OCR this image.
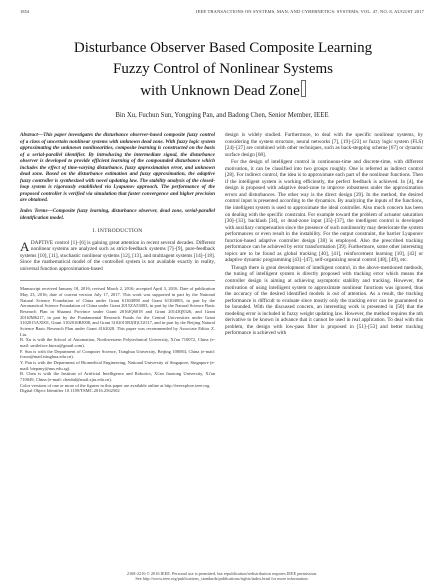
1854	IEEE TRANSACTIONS ON SYSTEMS, MAN, AND CYBERNETICS: SYSTEMS, VOL. 47, NO. 8, AUGUST 2017
Disturbance Observer Based Composite Learning
Fuzzy Control of Nonlinear Systems
with Unknown Dead Zone
Bin Xu, Fuchun Sun, Yongping Pan, and Badong Chen, Senior Member, IEEE

Abstract—This paper investigates the disturbance observer-based composite fuzzy control of a class of uncertain nonlinear systems with unknown dead zone. With fuzzy logic system approximating the unknown nonlinearities, composite learning is constructed on the basis of a serial-parallel identifier. By introducing the intermediate signal, the disturbance observer is developed to provide efficient learning of the compounded disturbance which includes the effect of time-varying disturbance, fuzzy approximation error, and unknown dead zone. Based on the disturbance estimation and fuzzy approximation, the adaptive fuzzy controller is synthesized with novel updating law. The stability analysis of the closed-loop system is rigorously established via Lyapunov approach. The performance of the proposed controller is verified via simulation that faster convergence and higher precision are obtained.

Index Terms—Composite fuzzy learning, disturbance observer, dead zone, serial-parallel identification model.

I. INTRODUCTION

ADAPTIVE control [1]–[6] is gaining great attention in recent several decades. Different nonlinear systems are analyzed such as strict-feedback systems [7]–[9], pure-feedback systems [10], [11], stochastic nonlinear systems [12], [13], and multiagent systems [14]–[18]. Since the mathematical model of the controlled system is not available exactly in reality, universal function approximation-based

Manuscript received January 18, 2016; revised March 2, 2016; accepted April 3, 2016. Date of publication May 23, 2016; date of current version July 17, 2017. This work was supported in part by the National Natural Science Foundation of China under Grant 61304098 and Grant 61304003, in part by the Aeronautical Science Foundation of China under Grant 2015ZA53003, in part by the Natural Science Basic Research Plan in Shaanxi Province under Grant 2016JQ6018 and Grant 2014JQ8326, and Grant 2016JM6217, in part by the Fundamental Research Funds for the Central Universities under Grant 3102015AX001, Grant 3102016BJ008, and Grant 3102015BJ(II)CGO17, and in part by the Beijing Natural Science Basic Research Plan under Grant 4162028. This paper was recommended by Associate Editor Z. Liu.
B. Xu is with the School of Automation, Northwestern Polytechnical University, Xi'an 710072, China (e-mail: smileface.binxu@gmail.com).
F. Sun is with the Department of Computer Science, Tsinghua University, Beijing 100084, China (e-mail: fcsun@mail.tsinghua.edu.cn).
Y. Pan is with the Department of Biomedical Engineering, National University of Singapore, Singapore (e-mail: biepany@nus.edu.sg).
B. Chen is with the Institute of Artificial Intelligence and Robotics, Xi'an Jiaotong University, Xi'an 710049, China (e-mail: chenbd@mail.xjtu.edu.cn).
Color versions of one or more of the figures in this paper are available online at http://ieeexplore.ieee.org.
Digital Object Identifier 10.1109/TSMC.2016.2562502

design is widely studied. Furthermore, to deal with the specific nonlinear systems, by considering the system structure, neural networks [7], [19]–[23] or fuzzy logic system (FLS) [24]–[27] are combined with other techniques, such as back-stepping scheme [67] or dynamic surface design [68].

For the design of intelligent control in continuous-time and discrete-time, with different motivation, it can be classified into two groups roughly. One is referred as indirect control [28]. For indirect control, the idea is to approximate each part of the nonlinear functions. Then if the intelligent system is working efficiently, the perfect feedback is achieved. In [4], the design is proposed with adaptive dead-zone to improve robustness under the approximation errors and disturbances. The other way is the direct design [29]. In the method, the desired control input is presented according to the dynamics. By analyzing the inputs of the functions, the intelligent system is used to approximate the ideal controller. Also much concern has been on dealing with the specific constraint. For example toward the problem of actuator saturation [30]–[33], backlash [34], or dead-zone input [35]–[37], the intelligent control is developed with auxiliary compensation since the presence of such nonlinearity may deteriorate the system performances or even result in the instability. For the output constraint, the barrier Lyapunov function-based adaptive controller design [38] is employed. Also the prescribed tracking performance can be achieved by error transformation [39]. Furthermore, some other interesting topics are to be found as global tracking [40], [41], reinforcement learning [10], [42] or adaptive dynamic programming [43]–[47], self-organizing neural control [48], [49], etc.

Though there is great development of intelligent control, in the above-mentioned methods, the tuning of intelligent system is directly proposed with tracking error which means the controller design is aiming at achieving asymptotic stability and tracking. However, the motivation of using intelligent system to approximate nonlinear functions was ignored, thus the accuracy of the desired identified models is out of attention. As a result, the tracking performance is difficult to evaluate since mostly only the tracking error can be guaranteed to be bounded. With the discussed concern, an interesting work is presented in [50] that the modeling error is included in fuzzy weight updating law. However, the method requires the nth derivative to be known in advance that it cannot be used in real application. To deal with this problem, the design with low-pass filter is proposed in [51]–[53] and better tracking performance is achieved with

2168-2216 © 2016 IEEE. Personal use is permitted, but republication/redistribution requires IEEE permission.
See http://www.ieee.org/publications_standards/publications/rights/index.html for more information.
